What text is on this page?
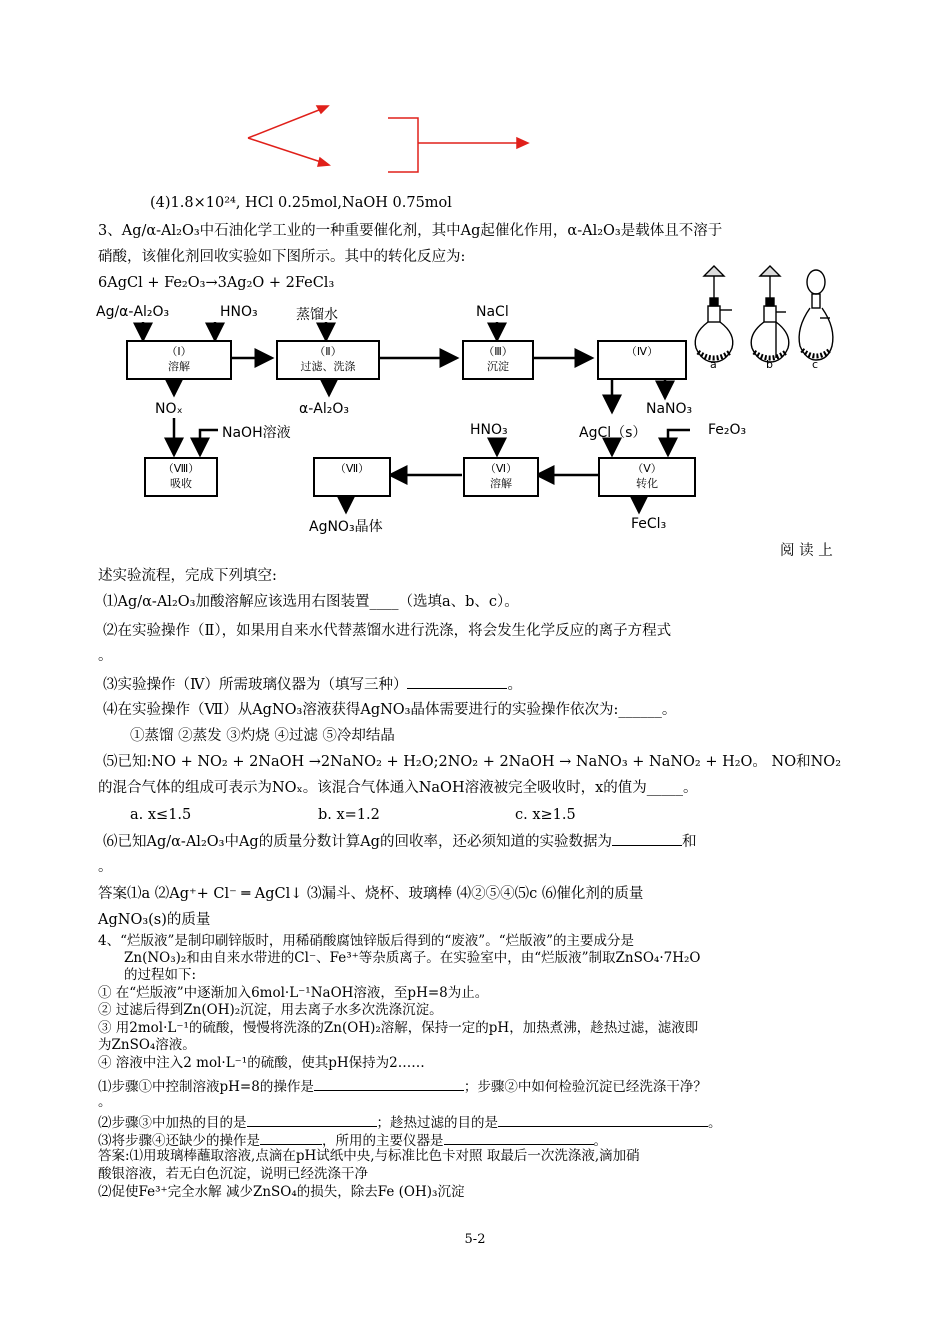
(4)1.8×10²⁴, HCl 0.25mol,NaOH 0.75mol
3、Ag/α-Al₂O₃中石油化学工业的一种重要催化剂，其中Ag起催化作用，α-Al₂O₃是载体且不溶于
硝酸，该催化剂回收实验如下图所示。其中的转化反应为:
6AgCl + Fe₂O₃→3Ag₂O + 2FeCl₃
Ag/α-Al₂O₃	HNO₃	蒸馏水	NaCl
（Ⅰ）
溶解
（Ⅱ）
过滤、洗涤
（Ⅲ）
沉淀
（Ⅳ）
NOₓ	α-Al₂O₃	NaNO₃
NaOH溶液	HNO₃	AgCl（s）	Fe₂O₃
（Ⅷ）
吸收
（Ⅶ）	（Ⅵ）
溶解
（Ⅴ）
转化
AgNO₃晶体	FeCl₃
a	b	c
阅 读 上
述实验流程，完成下列填空:
⑴Ag/α-Al₂O₃加酸溶解应该选用右图装置____（选填a、b、c）。
⑵在实验操作（Ⅱ），如果用自来水代替蒸馏水进行洗涤，将会发生化学反应的离子方程式
。
⑶实验操作（Ⅳ）所需玻璃仪器为（填写三种）	。
⑷在实验操作（Ⅶ）从AgNO₃溶液获得AgNO₃晶体需要进行的实验操作依次为:______。
①蒸馏 ②蒸发 ③灼烧 ④过滤 ⑤冷却结晶
⑸已知:NO + NO₂ + 2NaOH →2NaNO₂ + H₂O;2NO₂ + 2NaOH → NaNO₃ + NaNO₂ + H₂O。 NO和NO₂
的混合气体的组成可表示为NOₓ。该混合气体通入NaOH溶液被完全吸收时，x的值为_____。
a. x≤1.5	b. x=1.2	c. x≥1.5
⑹已知Ag/α-Al₂O₃中Ag的质量分数计算Ag的回收率，还必须知道的实验数据为	和
。
答案⑴a ⑵Ag⁺+ Cl⁻ ═ AgCl↓ ⑶漏斗、烧杯、玻璃棒 ⑷②⑤④⑸c ⑹催化剂的质量
AgNO₃(s)的质量
4、“烂版液”是制印刷锌版时，用稀硝酸腐蚀锌版后得到的“废液”。“烂版液”的主要成分是
Zn(NO₃)₂和由自来水带进的Cl⁻、Fe³⁺等杂质离子。在实验室中，由“烂版液”制取ZnSO₄·7H₂O
的过程如下:
① 在“烂版液”中逐渐加入6mol·L⁻¹NaOH溶液，至pH=8为止。
② 过滤后得到Zn(OH)₂沉淀，用去离子水多次洗涤沉淀。
③ 用2mol·L⁻¹的硫酸，慢慢将洗涤的Zn(OH)₂溶解，保持一定的pH，加热煮沸，趁热过滤，滤液即
为ZnSO₄溶液。
④ 溶液中注入2 mol·L⁻¹的硫酸，使其pH保持为2……
⑴步骤①中控制溶液pH=8的操作是	；步骤②中如何检验沉淀已经洗涤干净？
。
⑵步骤③中加热的目的是	；趁热过滤的目的是	。
⑶将步骤④还缺少的操作是	，所用的主要仪器是	。
答案:⑴用玻璃棒蘸取溶液,点滴在pH试纸中央,与标准比色卡对照 取最后一次洗涤液,滴加硝
酸银溶液，若无白色沉淀，说明已经洗涤干净
⑵促使Fe³⁺完全水解 减少ZnSO₄的损失，除去Fe (OH)₃沉淀
5-2
